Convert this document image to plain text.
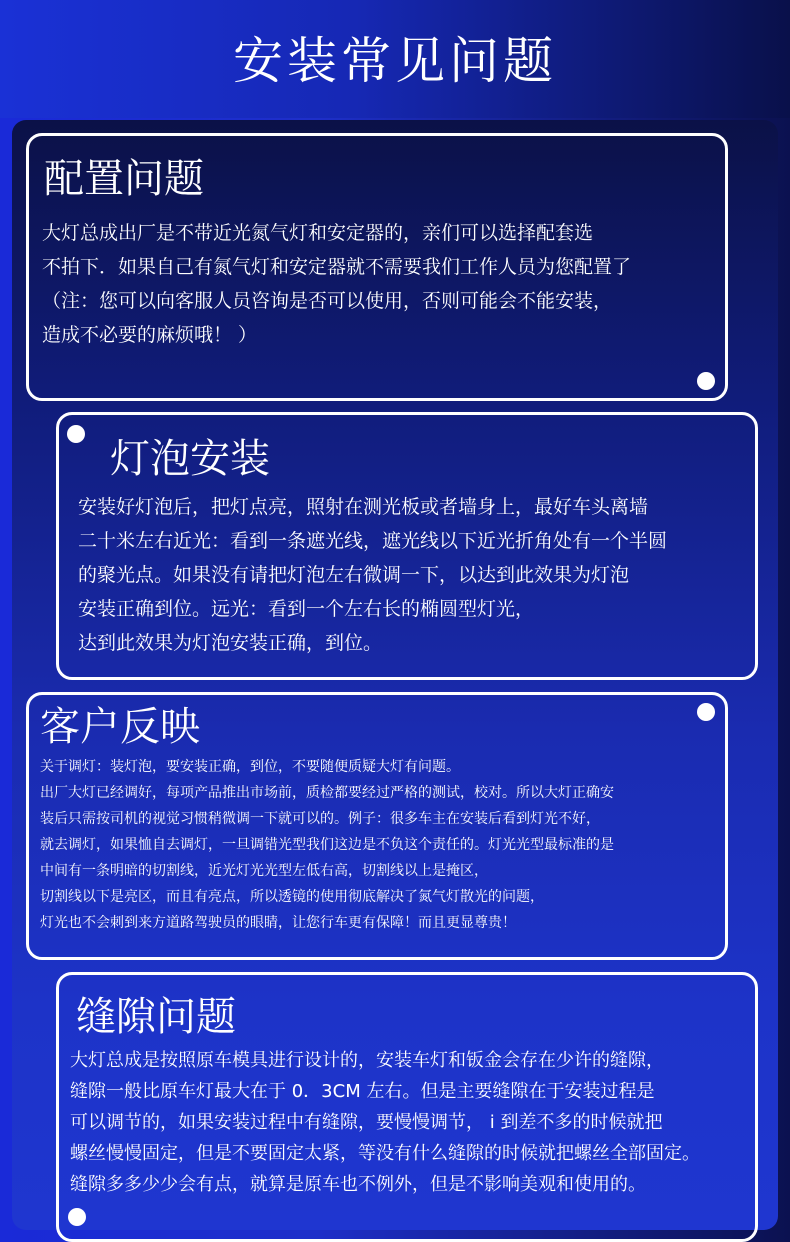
安装常见问题
配置问题
大灯总成出厂是不带近光氮气灯和安定器的，亲们可以选择配套选
不拍下．如果自己有氮气灯和安定器就不需要我们工作人员为您配置了
（注：您可以向客服人员咨询是否可以使用，否则可能会不能安装，
造成不必要的麻烦哦！ ）
灯泡安装
安装好灯泡后，把灯点亮，照射在测光板或者墙身上，最好车头离墙
二十米左右近光：看到一条遮光线，遮光线以下近光折角处有一个半圆
的聚光点。如果没有请把灯泡左右微调一下，以达到此效果为灯泡
安装正确到位。远光：看到一个左右长的椭圆型灯光，
达到此效果为灯泡安装正确，到位。
客户反映
关于调灯：装灯泡，要安装正确，到位，不要随便质疑大灯有问题。
出厂大灯已经调好，每项产品推出市场前，质检都要经过严格的测试，校对。所以大灯正确安
装后只需按司机的视觉习惯稍微调一下就可以的。例子：很多车主在安装后看到灯光不好，
就去调灯，如果恤自去调灯，一旦调错光型我们这边是不负这个责任的。灯光光型最标准的是
中间有一条明暗的切割线，近光灯光光型左低右高，切割线以上是掩区，
切割线以下是亮区，而且有亮点，所以透镜的使用彻底解决了氮气灯散光的问题，
灯光也不会刺到来方道路驾驶员的眼睛，让您行车更有保障！而且更显尊贵！
缝隙问题
大灯总成是按照原车模具进行设计的，安装车灯和钣金会存在少许的缝隙，
缝隙一般比原车灯最大在于 0．3CM 左右。但是主要缝隙在于安装过程是
可以调节的，如果安装过程中有缝隙，要慢慢调节， i 到差不多的时候就把
螺丝慢慢固定，但是不要固定太紧，等没有什么缝隙的时候就把螺丝全部固定。
缝隙多多少少会有点，就算是原车也不例外，但是不影响美观和使用的。
